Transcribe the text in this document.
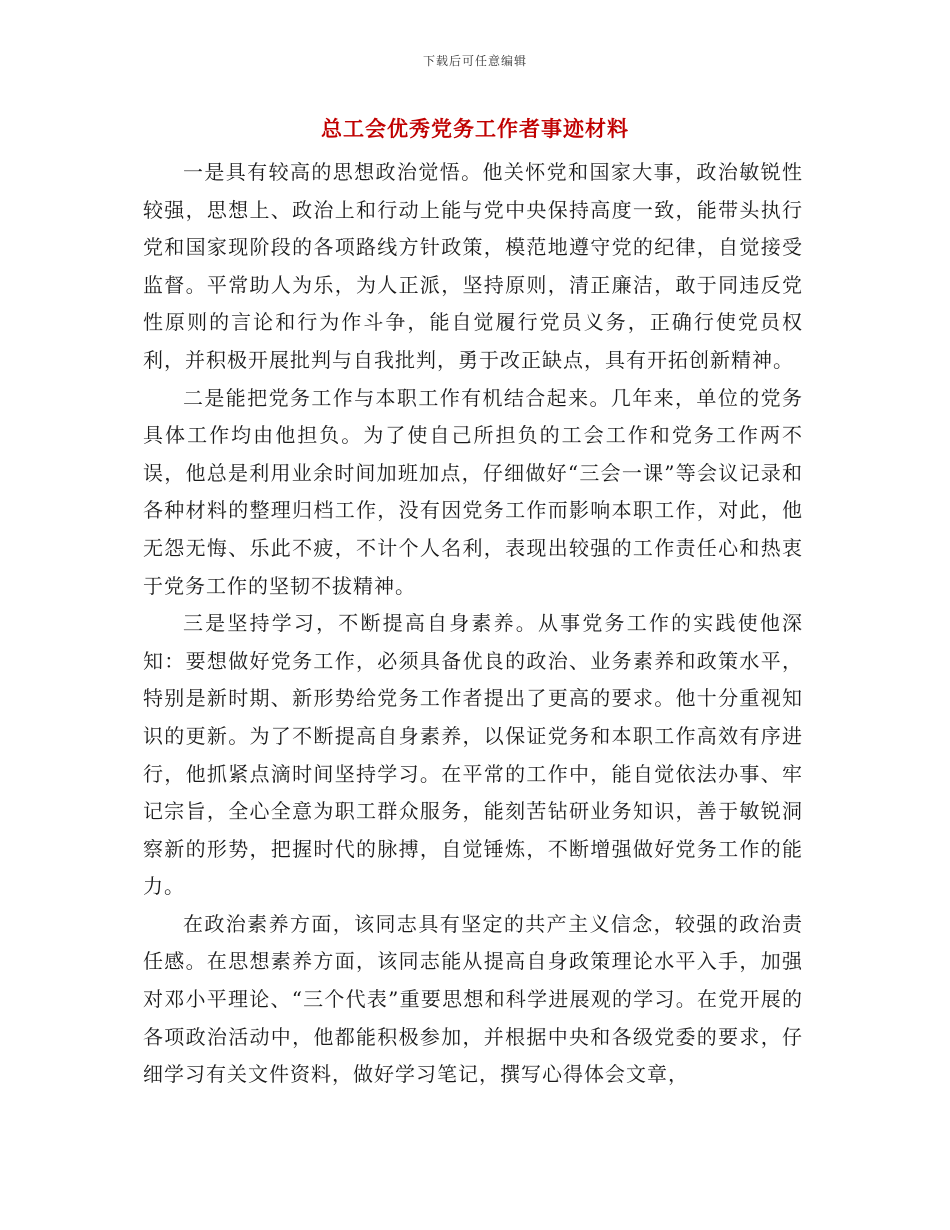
下载后可任意编辑
总工会优秀党务工作者事迹材料

一是具有较高的思想政治觉悟。他关怀党和国家大事，政治敏锐性较强，思想上、政治上和行动上能与党中央保持高度一致，能带头执行党和国家现阶段的各项路线方针政策，模范地遵守党的纪律，自觉接受监督。平常助人为乐，为人正派，坚持原则，清正廉洁，敢于同违反党性原则的言论和行为作斗争，能自觉履行党员义务，正确行使党员权利，并积极开展批判与自我批判，勇于改正缺点，具有开拓创新精神。

二是能把党务工作与本职工作有机结合起来。几年来，单位的党务具体工作均由他担负。为了使自己所担负的工会工作和党务工作两不误，他总是利用业余时间加班加点，仔细做好“三会一课”等会议记录和各种材料的整理归档工作，没有因党务工作而影响本职工作，对此，他无怨无悔、乐此不疲，不计个人名利，表现出较强的工作责任心和热衷于党务工作的坚韧不拔精神。

三是坚持学习，不断提高自身素养。从事党务工作的实践使他深知：要想做好党务工作，必须具备优良的政治、业务素养和政策水平，特别是新时期、新形势给党务工作者提出了更高的要求。他十分重视知识的更新。为了不断提高自身素养，以保证党务和本职工作高效有序进行，他抓紧点滴时间坚持学习。在平常的工作中，能自觉依法办事、牢记宗旨，全心全意为职工群众服务，能刻苦钻研业务知识，善于敏锐洞察新的形势，把握时代的脉搏，自觉锤炼，不断增强做好党务工作的能力。

在政治素养方面，该同志具有坚定的共产主义信念，较强的政治责任感。在思想素养方面，该同志能从提高自身政策理论水平入手，加强对邓小平理论、“三个代表”重要思想和科学进展观的学习。在党开展的各项政治活动中，他都能积极参加，并根据中央和各级党委的要求，仔细学习有关文件资料，做好学习笔记，撰写心得体会文章，
